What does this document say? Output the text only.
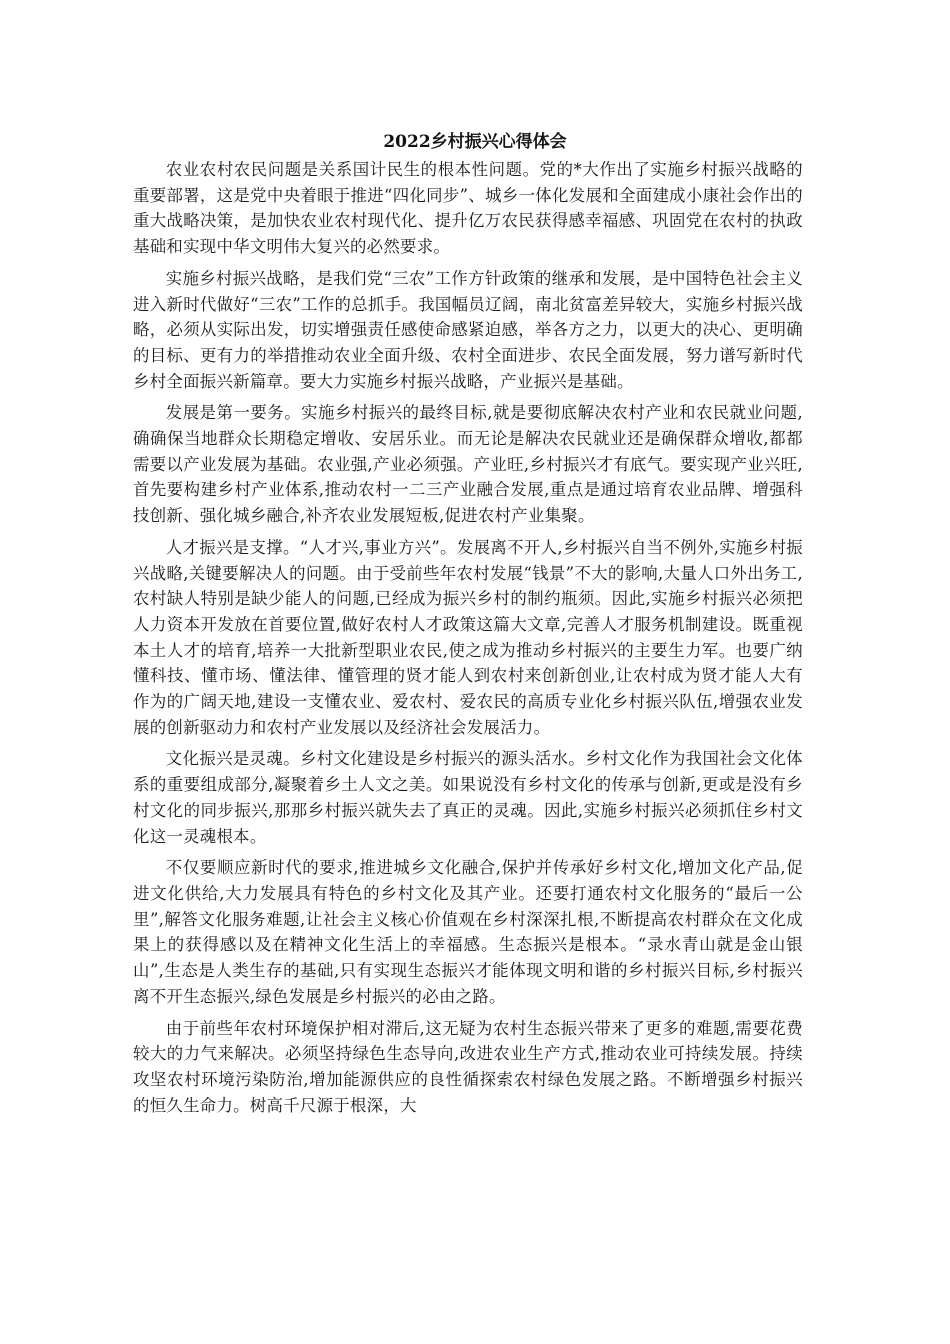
2022乡村振兴心得体会

农业农村农民问题是关系国计民生的根本性问题。党的*大作出了实施乡村振兴战略的重要部署，这是党中央着眼于推进“四化同步”、城乡一体化发展和全面建成小康社会作出的重大战略决策，是加快农业农村现代化、提升亿万农民获得感幸福感、巩固党在农村的执政基础和实现中华文明伟大复兴的必然要求。

实施乡村振兴战略，是我们党“三农”工作方针政策的继承和发展，是中国特色社会主义进入新时代做好“三农”工作的总抓手。我国幅员辽阔，南北贫富差异较大，实施乡村振兴战略，必须从实际出发，切实增强责任感使命感紧迫感，举各方之力，以更大的决心、更明确的目标、更有力的举措推动农业全面升级、农村全面进步、农民全面发展，努力谱写新时代乡村全面振兴新篇章。要大力实施乡村振兴战略，产业振兴是基础。

发展是第一要务。实施乡村振兴的最终目标,就是要彻底解决农村产业和农民就业问题,确确保当地群众长期稳定增收、安居乐业。而无论是解决农民就业还是确保群众增收,都都需要以产业发展为基础。农业强,产业必须强。产业旺,乡村振兴才有底气。要实现产业兴旺,首先要构建乡村产业体系,推动农村一二三产业融合发展,重点是通过培育农业品牌、增强科技创新、强化城乡融合,补齐农业发展短板,促进农村产业集聚。

人才振兴是支撑。“人才兴,事业方兴”。发展离不开人,乡村振兴自当不例外,实施乡村振兴战略,关键要解决人的问题。由于受前些年农村发展“钱景”不大的影响,大量人口外出务工,农村缺人特别是缺少能人的问题,已经成为振兴乡村的制约瓶须。因此,实施乡村振兴必须把人力资本开发放在首要位置,做好农村人才政策这篇大文章,完善人才服务机制建设。既重视本土人才的培育,培养一大批新型职业农民,使之成为推动乡村振兴的主要生力军。也要广纳懂科技、懂市场、懂法律、懂管理的贤才能人到农村来创新创业,让农村成为贤才能人大有作为的广阔天地,建设一支懂农业、爱农村、爱农民的高质专业化乡村振兴队伍,增强农业发展的创新驱动力和农村产业发展以及经济社会发展活力。

文化振兴是灵魂。乡村文化建设是乡村振兴的源头活水。乡村文化作为我国社会文化体系的重要组成部分,凝聚着乡土人文之美。如果说没有乡村文化的传承与创新,更或是没有乡村文化的同步振兴,那那乡村振兴就失去了真正的灵魂。因此,实施乡村振兴必须抓住乡村文化这一灵魂根本。

不仅要顺应新时代的要求,推进城乡文化融合,保护并传承好乡村文化,增加文化产品,促进文化供给,大力发展具有特色的乡村文化及其产业。还要打通农村文化服务的“最后一公里”,解答文化服务难题,让社会主义核心价值观在乡村深深扎根,不断提高农村群众在文化成果上的获得感以及在精神文化生活上的幸福感。生态振兴是根本。“录水青山就是金山银山”,生态是人类生存的基础,只有实现生态振兴才能体现文明和谐的乡村振兴目标,乡村振兴离不开生态振兴,绿色发展是乡村振兴的必由之路。

由于前些年农村环境保护相对滞后,这无疑为农村生态振兴带来了更多的难题,需要花费较大的力气来解决。必须坚持绿色生态导向,改进农业生产方式,推动农业可持续发展。持续攻坚农村环境污染防治,增加能源供应的良性循探索农村绿色发展之路。不断增强乡村振兴的恒久生命力。树高千尺源于根深，大
